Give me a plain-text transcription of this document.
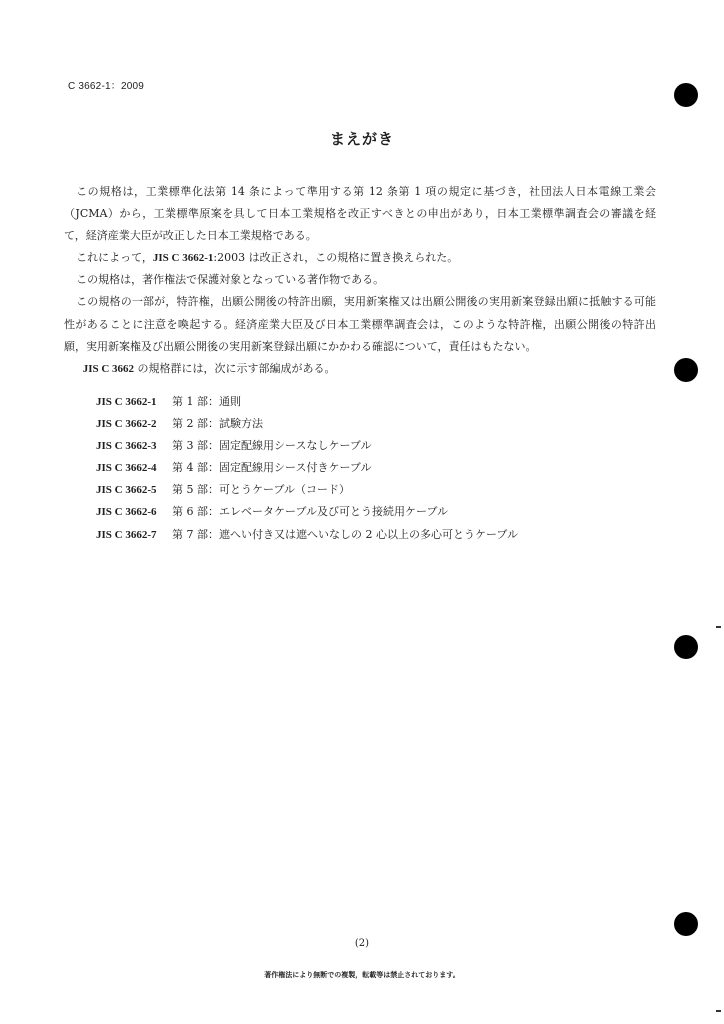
C 3662-1：2009
まえがき

この規格は，工業標準化法第 14 条によって準用する第 12 条第 1 項の規定に基づき，社団法人日本電線工業会（JCMA）から，工業標準原案を具して日本工業規格を改正すべきとの申出があり，日本工業標準調査会の審議を経て，経済産業大臣が改正した日本工業規格である。

これによって，JIS C 3662-1:2003 は改正され，この規格に置き換えられた。

この規格は，著作権法で保護対象となっている著作物である。

この規格の一部が，特許権，出願公開後の特許出願，実用新案権又は出願公開後の実用新案登録出願に抵触する可能性があることに注意を喚起する。経済産業大臣及び日本工業標準調査会は，このような特許権，出願公開後の特許出願，実用新案権及び出願公開後の実用新案登録出願にかかわる確認について，責任はもたない。

JIS C 3662 の規格群には，次に示す部編成がある。

JIS C 3662-1	第 1 部：通則
JIS C 3662-2	第 2 部：試験方法
JIS C 3662-3	第 3 部：固定配線用シースなしケーブル
JIS C 3662-4	第 4 部：固定配線用シース付きケーブル
JIS C 3662-5	第 5 部：可とうケーブル（コード）
JIS C 3662-6	第 6 部：エレベータケーブル及び可とう接続用ケーブル
JIS C 3662-7	第 7 部：遮へい付き又は遮へいなしの 2 心以上の多心可とうケーブル
(2)
著作権法により無断での複製，転載等は禁止されております。
